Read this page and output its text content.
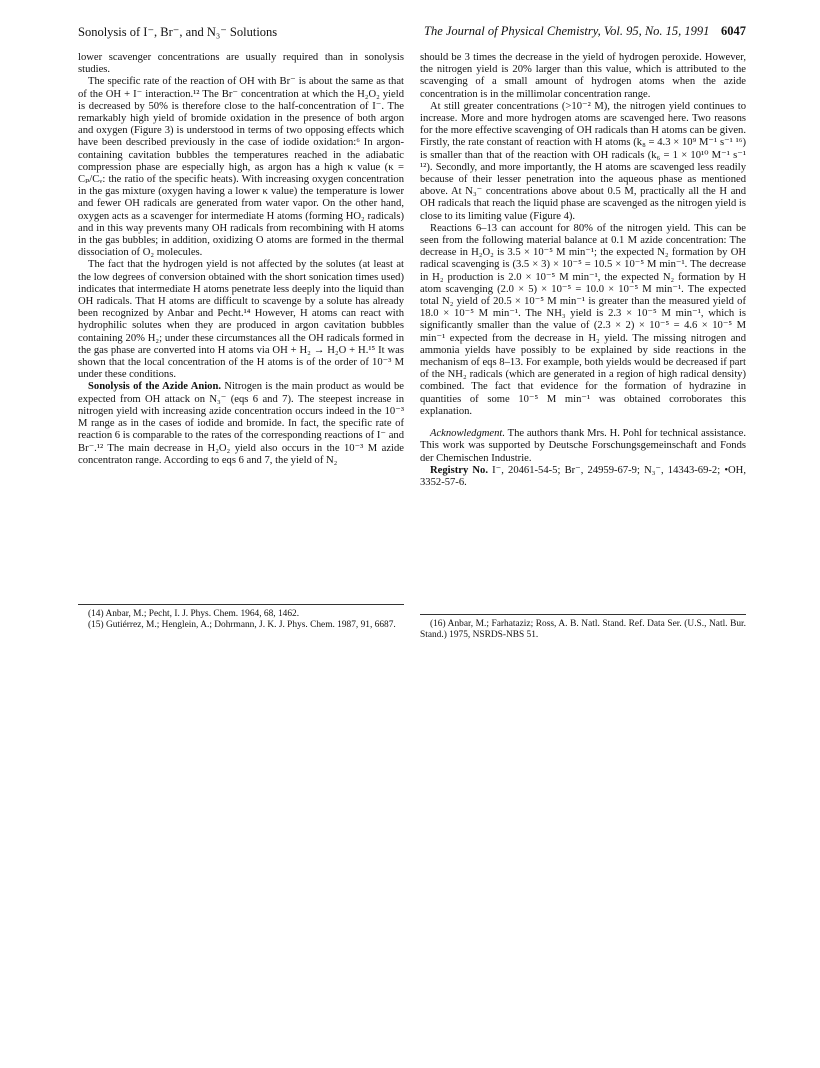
Sonolysis of I⁻, Br⁻, and N₃⁻ Solutions	The Journal of Physical Chemistry, Vol. 95, No. 15, 1991 6047

lower scavenger concentrations are usually required than in sonolysis studies.

The specific rate of the reaction of OH with Br⁻ is about the same as that of the OH + I⁻ interaction.¹² The Br⁻ concentration at which the H₂O₂ yield is decreased by 50% is therefore close to the half-concentration of I⁻. The remarkably high yield of bromide oxidation in the presence of both argon and oxygen (Figure 3) is understood in terms of two opposing effects which have been described previously in the case of iodide oxidation:⁶ In argon-containing cavitation bubbles the temperatures reached in the adiabatic compression phase are especially high, as argon has a high κ value (κ = Cₚ/Cᵥ: the ratio of the specific heats). With increasing oxygen concentration in the gas mixture (oxygen having a lower κ value) the temperature is lower and fewer OH radicals are generated from water vapor. On the other hand, oxygen acts as a scavenger for intermediate H atoms (forming HO₂ radicals) and in this way prevents many OH radicals from recombining with H atoms in the gas bubbles; in addition, oxidizing O atoms are formed in the thermal dissociation of O₂ molecules.

The fact that the hydrogen yield is not affected by the solutes (at least at the low degrees of conversion obtained with the short sonication times used) indicates that intermediate H atoms penetrate less deeply into the liquid than OH radicals. That H atoms are difficult to scavenge by a solute has already been recognized by Anbar and Pecht.¹⁴ However, H atoms can react with hydrophilic solutes when they are produced in argon cavitation bubbles containing 20% H₂; under these circumstances all the OH radicals formed in the gas phase are converted into H atoms via OH + H₂ → H₂O + H.¹⁵ It was shown that the local concentration of the H atoms is of the order of 10⁻³ M under these conditions.

Sonolysis of the Azide Anion. Nitrogen is the main product as would be expected from OH attack on N₃⁻ (eqs 6 and 7). The steepest increase in nitrogen yield with increasing azide concentration occurs indeed in the 10⁻³ M range as in the cases of iodide and bromide. In fact, the specific rate of reaction 6 is comparable to the rates of the corresponding reactions of I⁻ and Br⁻.¹² The main decrease in H₂O₂ yield also occurs in the 10⁻³ M azide concentraton range. According to eqs 6 and 7, the yield of N₂

should be 3 times the decrease in the yield of hydrogen peroxide. However, the nitrogen yield is 20% larger than this value, which is attributed to the scavenging of a small amount of hydrogen atoms when the azide concentration is in the millimolar concentration range.

At still greater concentrations (>10⁻² M), the nitrogen yield continues to increase. More and more hydrogen atoms are scavenged here. Two reasons for the more effective scavenging of OH radicals than H atoms can be given. Firstly, the rate constant of reaction with H atoms (k₈ = 4.3 × 10⁹ M⁻¹ s⁻¹ ¹⁶) is smaller than that of the reaction with OH radicals (k₆ = 1 × 10¹⁰ M⁻¹ s⁻¹ ¹²). Secondly, and more importantly, the H atoms are scavenged less readily because of their lesser penetration into the aqueous phase as mentioned above. At N₃⁻ concentrations above about 0.5 M, practically all the H and OH radicals that reach the liquid phase are scavenged as the nitrogen yield is close to its limiting value (Figure 4).

Reactions 6–13 can account for 80% of the nitrogen yield. This can be seen from the following material balance at 0.1 M azide concentration: The decrease in H₂O₂ is 3.5 × 10⁻⁵ M min⁻¹; the expected N₂ formation by OH radical scavenging is (3.5 × 3) × 10⁻⁵ = 10.5 × 10⁻⁵ M min⁻¹. The decrease in H₂ production is 2.0 × 10⁻⁵ M min⁻¹, the expected N₂ formation by H atom scavenging (2.0 × 5) × 10⁻⁵ = 10.0 × 10⁻⁵ M min⁻¹. The expected total N₂ yield of 20.5 × 10⁻⁵ M min⁻¹ is greater than the measured yield of 18.0 × 10⁻⁵ M min⁻¹. The NH₃ yield is 2.3 × 10⁻⁵ M min⁻¹, which is significantly smaller than the value of (2.3 × 2) × 10⁻⁵ = 4.6 × 10⁻⁵ M min⁻¹ expected from the decrease in H₂ yield. The missing nitrogen and ammonia yields have possibly to be explained by side reactions in the mechanism of eqs 8–13. For example, both yields would be decreased if part of the NH₂ radicals (which are generated in a region of high radical density) combined. The fact that evidence for the formation of hydrazine in quantities of some 10⁻⁵ M min⁻¹ was obtained corroborates this explanation.

Acknowledgment. The authors thank Mrs. H. Pohl for technical assistance. This work was supported by Deutsche Forschungsgemeinschaft and Fonds der Chemischen Industrie.

Registry No. I⁻, 20461-54-5; Br⁻, 24959-67-9; N₃⁻, 14343-69-2; •OH, 3352-57-6.

(14) Anbar, M.; Pecht, I. J. Phys. Chem. 1964, 68, 1462.

(15) Gutiérrez, M.; Henglein, A.; Dohrmann, J. K. J. Phys. Chem. 1987, 91, 6687.	(16) Anbar, M.; Farhataziz; Ross, A. B. Natl. Stand. Ref. Data Ser. (U.S., Natl. Bur. Stand.) 1975, NSRDS-NBS 51.
